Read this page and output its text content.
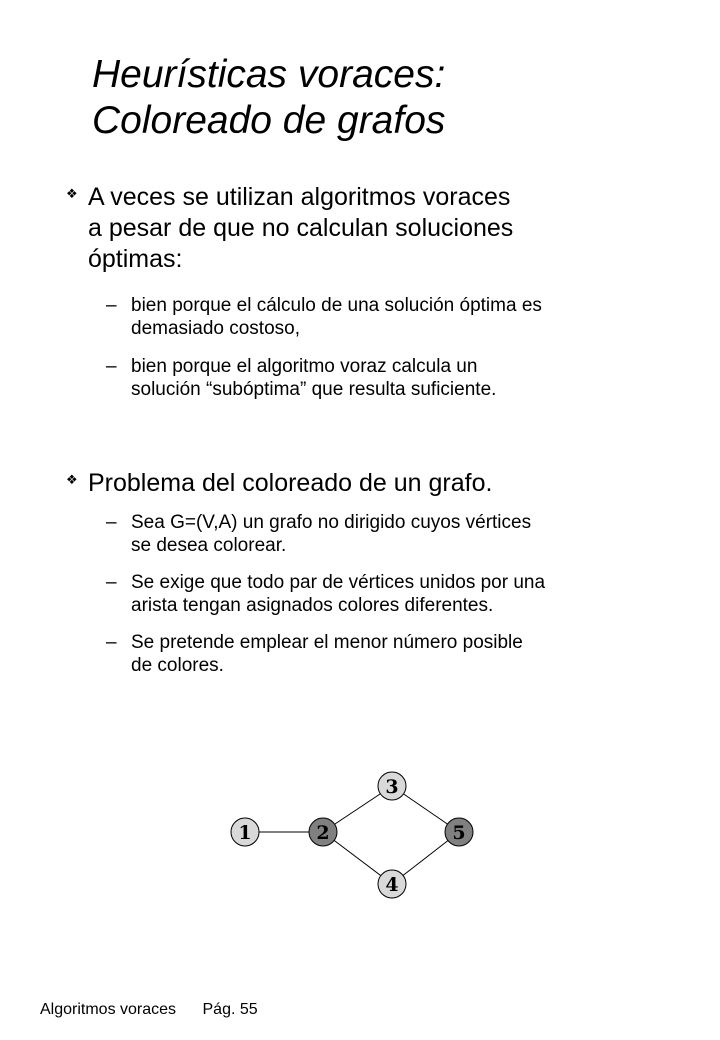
Heurísticas voraces:
Coloreado de grafos
❖ A veces se utilizan algoritmos voraces
a pesar de que no calculan soluciones
óptimas:
– bien porque el cálculo de una solución óptima es
demasiado costoso,
– bien porque el algoritmo voraz calcula un
solución “subóptima” que resulta suficiente.
❖ Problema del coloreado de un grafo.
– Sea G=(V,A) un grafo no dirigido cuyos vértices
se desea colorear.
– Se exige que todo par de vértices unidos por una
arista tengan asignados colores diferentes.
– Se pretende emplear el menor número posible
de colores.
1	2
3
4
5
Algoritmos voraces Pág. 55
